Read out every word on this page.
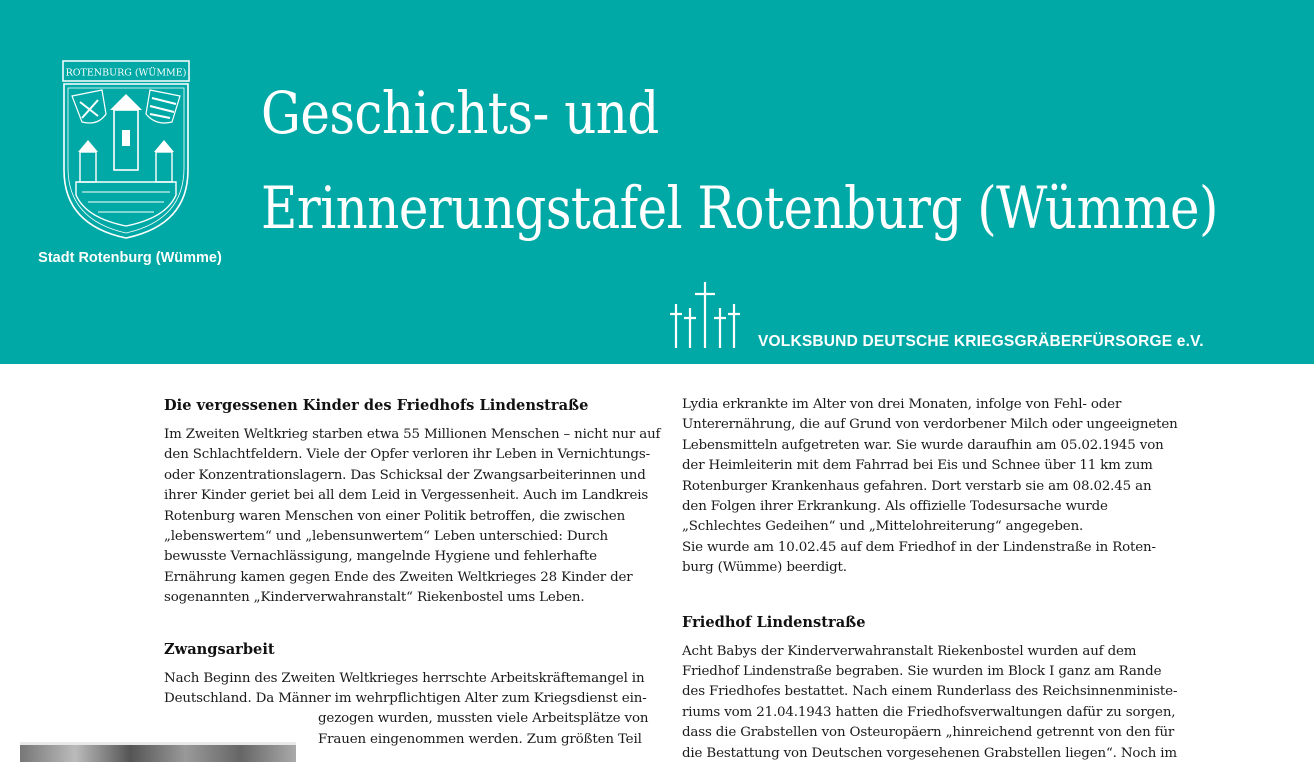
ROTENBURG (WÜMME)
Stadt Rotenburg (Wümme)
Geschichts- und
Erinnerungstafel Rotenburg (Wümme)
VOLKSBUND DEUTSCHE KRIEGSGRÄBERFÜRSORGE e.V.
Die vergessenen Kinder des Friedhofs Lindenstraße
Im Zweiten Weltkrieg starben etwa 55 Millionen Menschen – nicht nur auf
den Schlachtfeldern. Viele der Opfer verloren ihr Leben in Vernichtungs-
oder Konzentrationslagern. Das Schicksal der Zwangsarbeiterinnen und
ihrer Kinder geriet bei all dem Leid in Vergessenheit. Auch im Landkreis
Rotenburg waren Menschen von einer Politik betroffen, die zwischen
„lebenswertem“ und „lebensunwertem“ Leben unterschied: Durch
bewusste Vernachlässigung, mangelnde Hygiene und fehlerhafte
Ernährung kamen gegen Ende des Zweiten Weltkrieges 28 Kinder der
sogenannten „Kinderverwahranstalt“ Riekenbostel ums Leben.
Zwangsarbeit
Nach Beginn des Zweiten Weltkrieges herrschte Arbeitskräftemangel in
Deutschland. Da Männer im wehrpflichtigen Alter zum Kriegsdienst ein-
gezogen wurden, mussten viele Arbeitsplätze von
Frauen eingenommen werden. Zum größten Teil
Lydia erkrankte im Alter von drei Monaten, infolge von Fehl- oder
Unterernährung, die auf Grund von verdorbener Milch oder ungeeigneten
Lebensmitteln aufgetreten war. Sie wurde daraufhin am 05.02.1945 von
der Heimleiterin mit dem Fahrrad bei Eis und Schnee über 11 km zum
Rotenburger Krankenhaus gefahren. Dort verstarb sie am 08.02.45 an
den Folgen ihrer Erkrankung. Als offizielle Todesursache wurde
„Schlechtes Gedeihen“ und „Mittelohreiterung“ angegeben.
Sie wurde am 10.02.45 auf dem Friedhof in der Lindenstraße in Roten-
burg (Wümme) beerdigt.
Friedhof Lindenstraße
Acht Babys der Kinderverwahranstalt Riekenbostel wurden auf dem
Friedhof Lindenstraße begraben. Sie wurden im Block I ganz am Rande
des Friedhofes bestattet. Nach einem Runderlass des Reichsinnenministe-
riums vom 21.04.1943 hatten die Friedhofsverwaltungen dafür zu sorgen,
dass die Grabstellen von Osteuropäern „hinreichend getrennt von den für
die Bestattung von Deutschen vorgesehenen Grabstellen liegen“. Noch im
